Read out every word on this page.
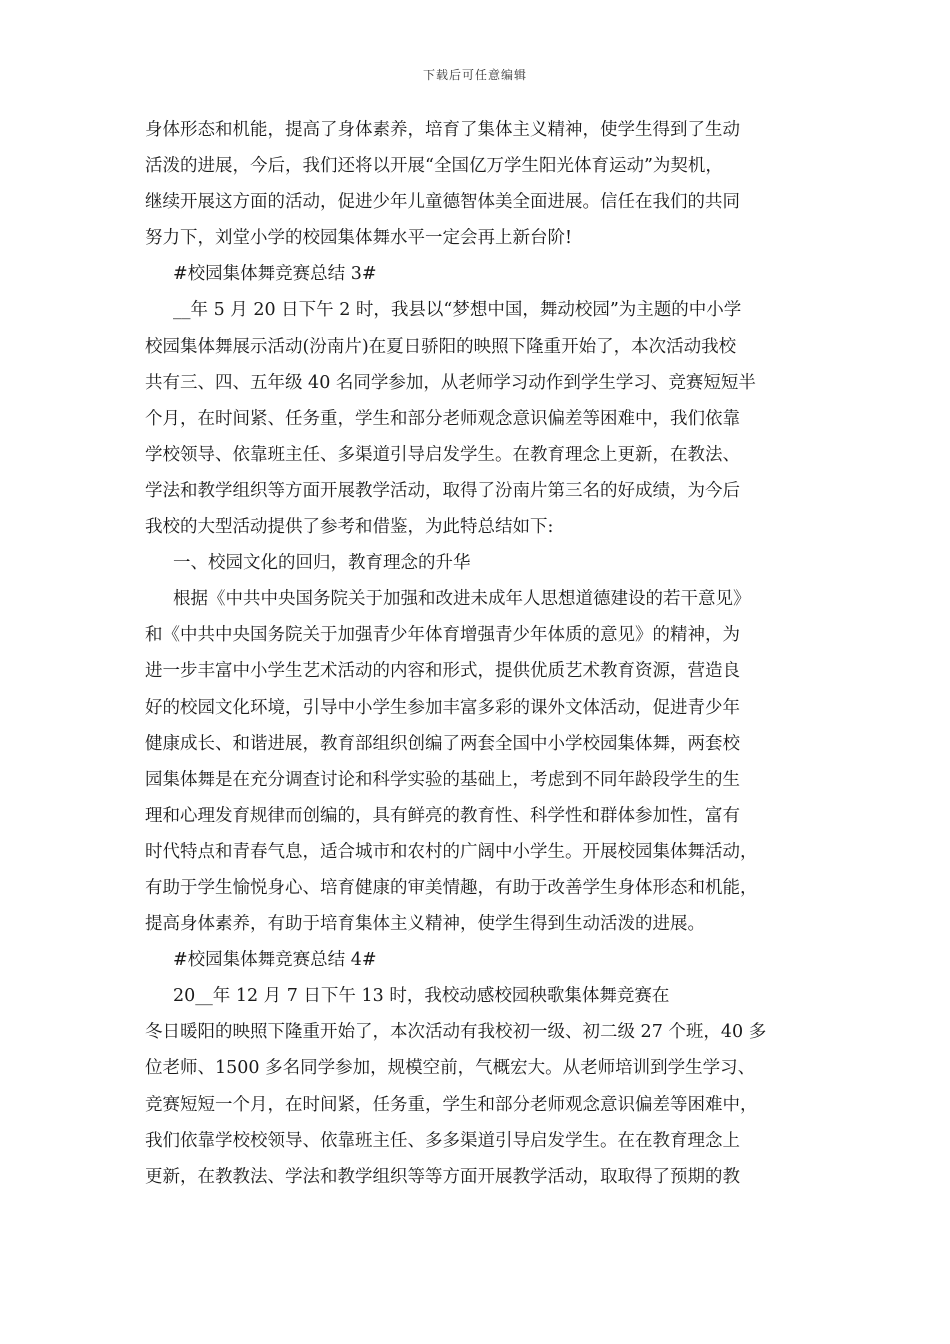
下载后可任意编辑
身体形态和机能，提高了身体素养，培育了集体主义精神，使学生得到了生动
活泼的进展，今后，我们还将以开展“全国亿万学生阳光体育运动”为契机，
继续开展这方面的活动，促进少年儿童德智体美全面进展。信任在我们的共同
努力下，刘堂小学的校园集体舞水平一定会再上新台阶!
#校园集体舞竞赛总结 3#
__年 5 月 20 日下午 2 时，我县以“梦想中国，舞动校园”为主题的中小学
校园集体舞展示活动(汾南片)在夏日骄阳的映照下隆重开始了，本次活动我校
共有三、四、五年级 40 名同学参加，从老师学习动作到学生学习、竞赛短短半
个月，在时间紧、任务重，学生和部分老师观念意识偏差等困难中，我们依靠
学校领导、依靠班主任、多渠道引导启发学生。在教育理念上更新，在教法、
学法和教学组织等方面开展教学活动，取得了汾南片第三名的好成绩，为今后
我校的大型活动提供了参考和借鉴，为此特总结如下:
一、校园文化的回归，教育理念的升华
根据《中共中央国务院关于加强和改进未成年人思想道德建设的若干意见》
和《中共中央国务院关于加强青少年体育增强青少年体质的意见》的精神，为
进一步丰富中小学生艺术活动的内容和形式，提供优质艺术教育资源，营造良
好的校园文化环境，引导中小学生参加丰富多彩的课外文体活动，促进青少年
健康成长、和谐进展，教育部组织创编了两套全国中小学校园集体舞，两套校
园集体舞是在充分调查讨论和科学实验的基础上，考虑到不同年龄段学生的生
理和心理发育规律而创编的，具有鲜亮的教育性、科学性和群体参加性，富有
时代特点和青春气息，适合城市和农村的广阔中小学生。开展校园集体舞活动，
有助于学生愉悦身心、培育健康的审美情趣，有助于改善学生身体形态和机能，
提高身体素养，有助于培育集体主义精神，使学生得到生动活泼的进展。
#校园集体舞竞赛总结 4#
20__年 12 月 7 日下午 13 时，我校动感校园秧歌集体舞竞赛在
冬日暖阳的映照下隆重开始了，本次活动有我校初一级、初二级 27 个班，40 多
位老师、1500 多名同学参加，规模空前，气概宏大。从老师培训到学生学习、
竞赛短短一个月，在时间紧，任务重，学生和部分老师观念意识偏差等困难中，
我们依靠学校校领导、依靠班主任、多多渠道引导启发学生。在在教育理念上
更新，在教教法、学法和教学组织等等方面开展教学活动，取取得了预期的教
